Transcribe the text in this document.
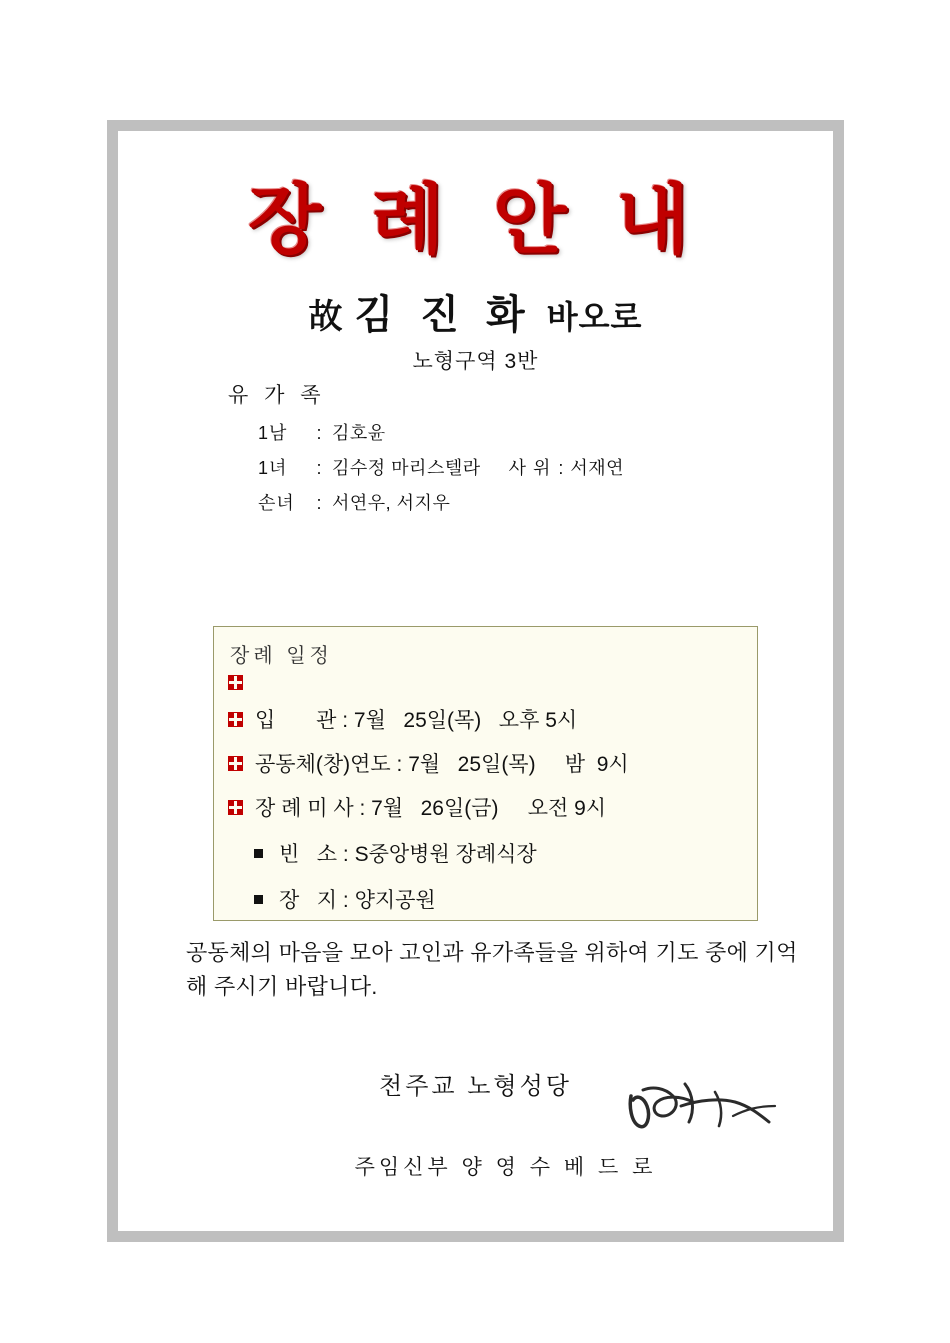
장 례 안 내
故 김 진 화 바오로
노형구역 3반
유 가 족
1남	: 김호윤
1녀	: 김수정 마리스텔라 사 위 : 서재연
손녀	: 서연우, 서지우
장례 일정
입       관 : 7월   25일(목)   오후 5시
공동체(창)연도 : 7월   25일(목)     밤  9시
장 례 미 사 : 7월   26일(금)     오전 9시
빈   소 : S중앙병원 장례식장
장   지 : 양지공원
공동체의 마음을 모아 고인과 유가족들을 위하여 기도 중에 기억해 주시기 바랍니다.
천주교 노형성당
주임신부 양 영 수 베 드 로
